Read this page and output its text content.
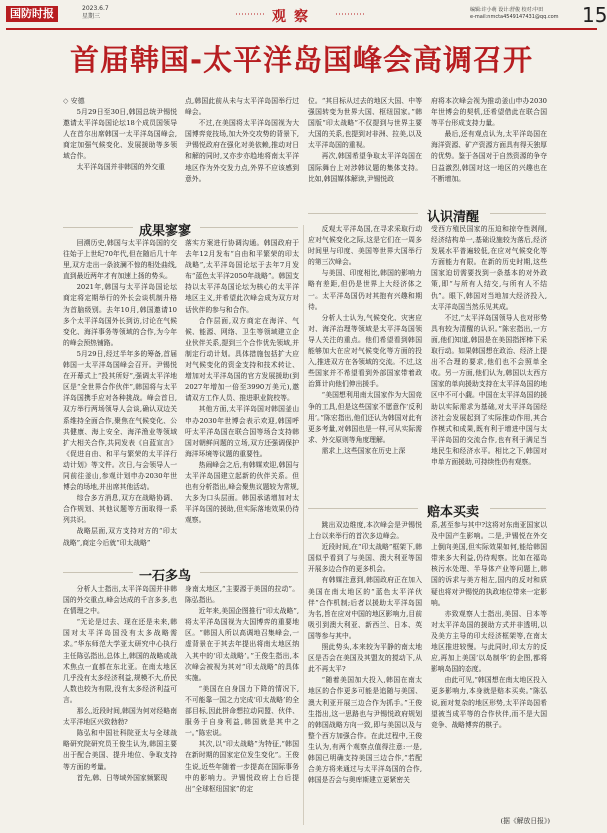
国防时报	2023.6.7
星期三	观察	编辑:许小萌 设计:舒俊 校对:中田
e-mail:nmcta4549147431@qq.com	15
首届韩国-太平洋岛国峰会高调召开
◇ 安德

5月29日至30日,韩国总统尹锡悦邀请太平洋岛国论坛18个成员国领导人在首尔出席韩国一太平洋岛国峰会,商定加强气候变化、发展援助等多领域合作。

太平洋岛国并非韩国的外交重

点,韩国此前从未与太平洋岛国举行过峰会。

不过,在美国将太平洋岛国视为大国博弈竞技场,加大外交攻势的背景下,尹锡悦政府在强化对美依赖,推动对日和解的同时,又亦步亦趋地将南太平洋地区作为外交发力点,外界不应该感到意外。

位。“其目标从过去的地区大国、中等强国转变为世界大国、枢纽国家。”韩国版“印太战略”不仅提到与世界主要大国的关系,也提到对非洲、拉美,以及太平洋岛国的重视。

再次,韩国希望争取太平洋岛国在国际舞台上对涉韩议题的集体支持。比如,韩国媒体解读,尹锡悦政

府将本次峰会视为推动釜山申办2030年世博会的契机,还希望借此在联合国等平台形成支持力量。

最后,还有观点认为,太平洋岛国在海洋资源、矿产资源方面具有得天独厚的优势。鉴于各国对于自然资源的争夺日益激烈,韩国对这一地区的兴趣也在不断增加。

成果寥寥

回溯历史,韩国与太平洋岛国的交往始于上世纪70年代,但在随后几十年里,双方走出一条波澜不惊的相处曲线,直到最近两年才有加速上扬的势头。

2021年,韩国与太平洋岛国论坛商定将定期举行的外长会谈机制升格为首脑级别。去年10月,韩国邀请10多个太平洋岛国外长到访,讨论在气候变化、海洋事务等领域的合作,为今年的峰会预热铺路。

5月29日,经过半年多的筹备,首届韩国一太平洋岛国峰会召开。尹锡悦在开幕式上“投其所好”,强调太平洋地区是“全世界合作伙伴”,韩国将与太平洋岛国携手应对各种挑战。峰会首日,双方举行两场领导人会谈,确认双边关系维持全面合作,聚焦在气候变化、公共健康、海上安全、海洋渔业等领域扩大相关合作,共同发表《自蓝宣言》《促进自由、和平与繁荣的太平洋行动计划》等文件。次日,与会领导人一同前往釜山,参观计划申办2030年世博会的场地,并出席其他活动。

综合多方消息,双方在战略协调、合作规划、其他议题等方面取得一系列共识。

战略层面,双方支持对方的“印太战略”,商定今后就“印太战略”

落实方案进行协调沟通。韩国政府于去年12月发布“自由和平繁荣的印太战略”,太平洋岛国论坛于去年7月发布“蓝色太平洋2050年战略”。韩国支持以太平洋岛国论坛为核心的太平洋地区主义,并希望此次峰会成为双方对话伙伴的参与和合作。

合作层面,双方商定在海洋、气候、能源、网络、卫生等领域建立企业伙伴关系,提到三个合作优先领域,并制定行动计划。具体措施包括扩大应对气候变化的资金支持和技术转让、增加对太平洋岛国的官方发展援助(到2027年增加一倍至3990万美元),邀请双方工作人员、推进职业院校等。

其他方面,太平洋岛国对韩国釜山申办2030年世博会表示欢迎,韩国呼吁太平洋岛国在联合国等场合支持韩国对朝鲜问题的立场,双方还强调保护海洋环境等议题的重要性。

热闹峰会之后,有韩媒欢迎,韩国与太平洋岛国建立起新的伙伴关系。但也有分析指出,峰会聚焦议题较为常规,大多为口头层面。韩国承诺增加对太平洋岛国的援助,但实际落地效果仍待观察。

一石多鸟

分析人士指出,太平洋岛国并非韩国的外交重点,峰会达成的千言多多,也在情理之中。

“无论是过去、现在还是未来,韩国对太平洋岛国没有太多战略需求。”华东师范大学亚太研究中心执行主任陈弘指出,总体上,韩国的战略或战术焦点一直都在东北亚。在南太地区几乎没有太多经济利益,规模不大,侨民人数也较为有限,没有太多经济利益可言。

那么,近段时间,韩国为何对经略南太平洋地区兴致勃勃?

陈弘和中国社科院亚太与全球战略研究院研究员王俊生认为,韩国主要出于配合美国、提升地位、争取支持等方面的考量。

首先,韩、日等域外国家频繁现

身南太地区,“主要源于美国的拉动”。陈弘指出。

近年来,美国企图推行“印太战略”,将太平洋岛国视为大国博弈的重要地区。“韩国人所以高调地召集峰会,一虚背景在于其去年提出将南太地区纳入其中的‘印太战略’。”王俊生指出,本次峰会被视为其对“印太战略”的具体实施。

“美国在自身国力下降的情况下,不可能靠一国之力完成‘印太战略’的全部目标,因此拼命想拉动同盟、伙伴、服务于自身利益,韩国就是其中之一。”陈宏说。

其次,以“印太战略”为特征,“韩国在新时期的国家定位发生变化”。王俊生说,近些年随着一步提高在国际事务中的影响力。尹锡悦政府上台后提出“全球枢纽国家”的定

认识清醒

反观太平洋岛国,在寻求采取行动应对气候变化之际,这是它们在一周多时间里与印度、美国等世界大国举行的第三次峰会。

与美国、印度相比,韩国的影响力略有差距,但仍是世界上大经济体之一。太平洋岛国仍对其抱有兴趣和期待。

分析人士认为,气候变化、灾害应对、海洋治理等领域是太平洋岛国领导人关注的重点。他们希望看到韩国能够加大在应对气候变化等方面的投入,推进双方在各领域的交流。不过,这些国家并不希望看到外部国家带着政治算计向他们伸出援手。

“美国想利用南太国家作为大国竞争的工具,但是这些国家不愿意作‘反利用’。”陈宏指出,他们还认为韩国对此有更多考量,对韩国也是一样,可从实际需求、外交原则等角度理解。

需求上,这些国家在历史上深

受西方殖民国家的压迫和掠夺性剥削,经济结构单一,基础设施较为落后,经济发展水平普遍较低,在应对气候变化等方面能力有限。在新的历史时期,这些国家迫切需要找到一条基本的对外政策,即“与所有人结交,与所有人不结仇”。眼下,韩国对当地加大经济投入,太平洋岛国当然乐见其成。

不过,“太平洋岛国领导人也对形势具有较为清醒的认识。”陈宏指出,一方面,他们知道,韩国是在美国指挥棒下采取行动。如果韩国想在政治、经济上提出不合理的要求,他们也不会照单全收。另一方面,他们认为,韩国以太西方国家的单向援助支持在太平洋岛国的地区中不可小觑。中国在太平洋岛国的援助以实际需求为基础,对太平洋岛国经济社会发展起到了实际推动作用,其合作模式和成果,既有利于增进中国与太平洋岛国的交流合作,也有利于满足当地民生和经济水平。相比之下,韩国对申单方面援助,可持续性仍有观察。

赔本买卖

跳出双边维度,本次峰会是尹锡悦上台以来举行的首次多边峰会。

近段时间,在“印太战略”框架下,韩国似乎看到了与美国、澳大利亚等国开展多边合作的更多机会。

有韩媒注意到,韩国政府正在加入美国在南太地区的“蓝色太平洋伙伴”合作机制;后者以援助太平洋岛国为名,旨在应对中国的地区影响力,目前吸引到澳大利亚、新西兰、日本、英国等参与其中。

照此势头,本来较为平静的南太地区是否会在美国及其盟友的搅动下,从此不再太平?

“随着美国加大投入,韩国在南太地区的合作更多可能是追随与美国、澳大利亚开展三边合作为抓手。”王俊生指出,这一思路也与尹锡悦政府规划的韩国战略方向一致,即与美国以及与整个西方加强合作。在此过程中,王俊生认为,有两个观察点值得注意:一是,韩国已明确支持美国三边合作,“若配合美方将来通过与太平洋岛国的合作,韩国是否会与奥库斯建立更紧密关

系,甚至参与其中?这将对东南亚国家以及中国产生影响。二是,尹锡悦在外交上倒向美国,但实际效果如何,能给韩国带来多大利益,仍待观察。比如在福岛核污水处理、半导体产业等问题上,韩国的诉求与美方相左,国内的反对和质疑也将对尹锡悦的执政地位带来一定影响。

亦致观察人士指出,美国、日本等对太平洋岛国的援助方式并非透明,以及美方主导的印太经济框架等,在南太地区推进较慢。与此同时,印太方的反应,再加上美国‘以岛制华’的企图,都将影响岛国的态度。

由此可见,“韩国想在南太地区投入更多影响力,本身就是赔本买卖。”陈弘说,面对复杂的地区形势,太平洋岛国希望被当成平等的合作伙伴,而不是大国竞争、战略博弈的棋子。

(据《解放日报》)
